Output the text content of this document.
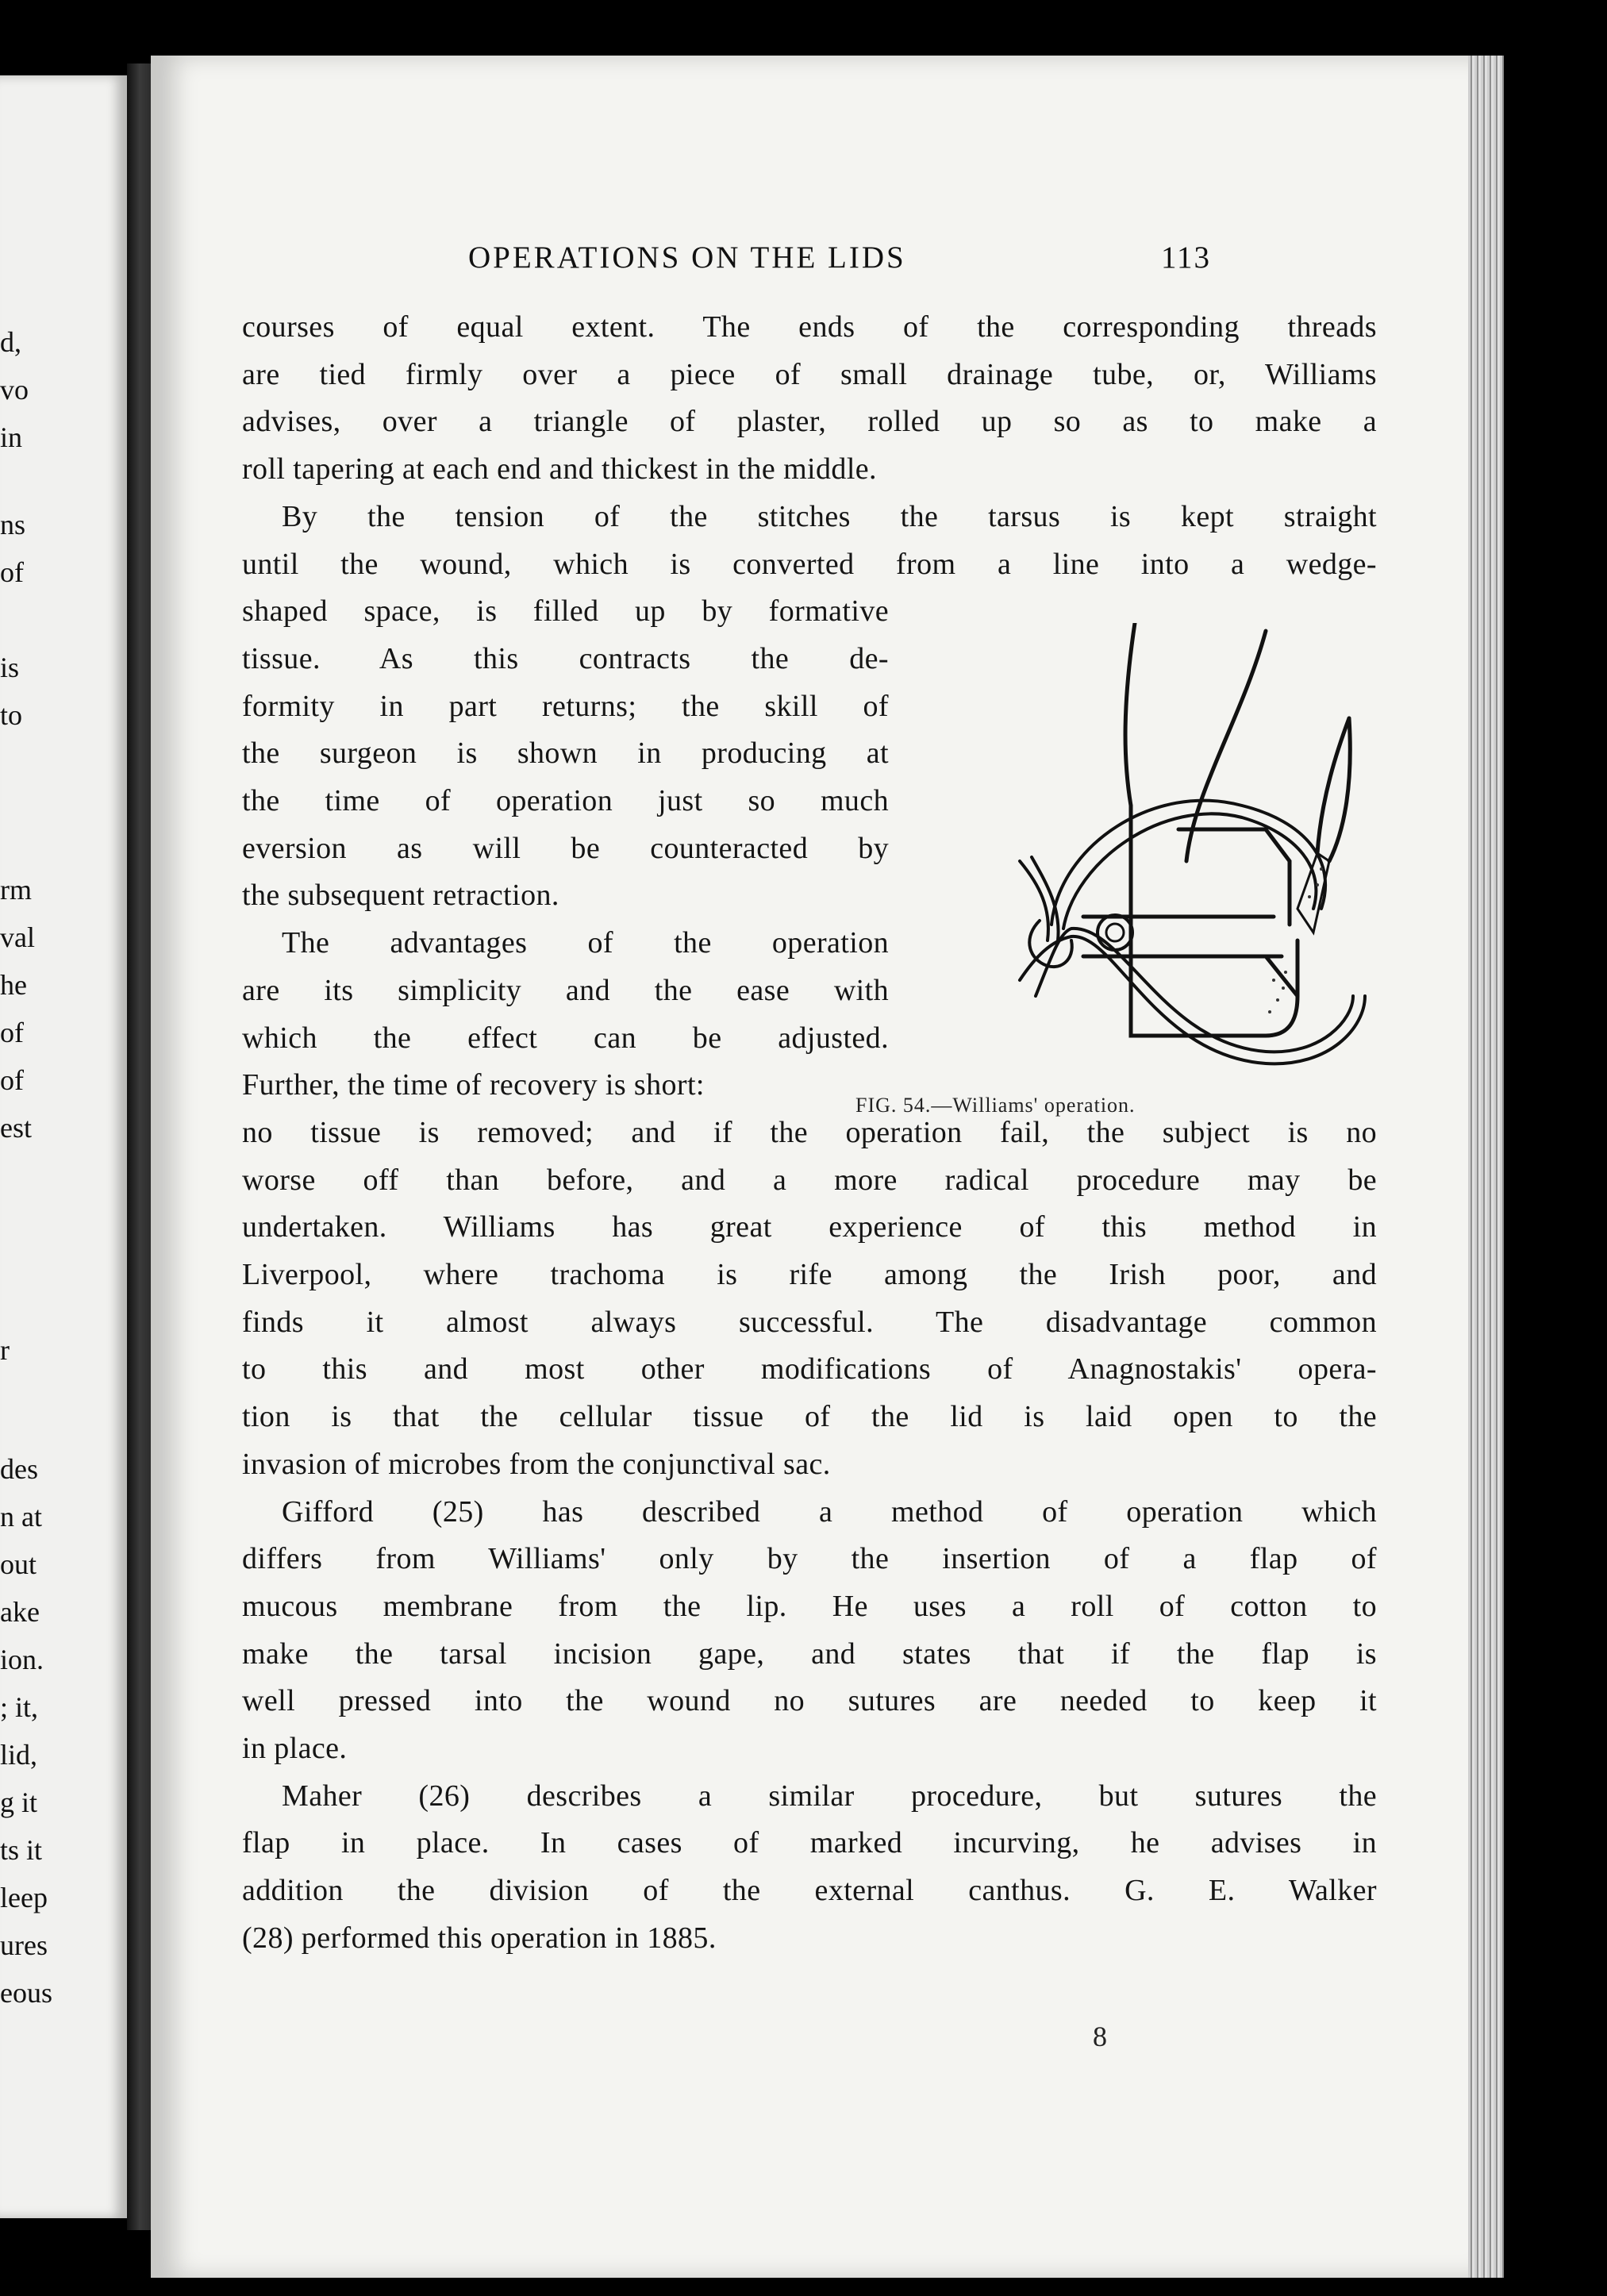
d,
vo
in
ns
of
is
to
rm
val
he
of
of
est
r
des
n at
out
ake
ion.
; it,
lid,
g it
ts it
leep
ures
eous
OPERATIONS ON THE LIDS	113
courses of equal extent. The ends of the corresponding threads
are tied firmly over a piece of small drainage tube, or, Williams
advises, over a triangle of plaster, rolled up so as to make a
roll tapering at each end and thickest in the middle.
By the tension of the stitches the tarsus is kept straight
until the wound, which is converted from a line into a wedge-
shaped space, is filled up by formative
tissue. As this contracts the de-
formity in part returns; the skill of
the surgeon is shown in producing at
the time of operation just so much
eversion as will be counteracted by
the subsequent retraction.
The advantages of the operation
are its simplicity and the ease with
which the effect can be adjusted.
Further, the time of recovery is short:
no tissue is removed; and if the operation fail, the subject is no
worse off than before, and a more radical procedure may be
undertaken. Williams has great experience of this method in
Liverpool, where trachoma is rife among the Irish poor, and
finds it almost always successful. The disadvantage common
to this and most other modifications of Anagnostakis' opera-
tion is that the cellular tissue of the lid is laid open to the
invasion of microbes from the conjunctival sac.
Gifford (25) has described a method of operation which
differs from Williams' only by the insertion of a flap of
mucous membrane from the lip. He uses a roll of cotton to
make the tarsal incision gape, and states that if the flap is
well pressed into the wound no sutures are needed to keep it
in place.
Maher (26) describes a similar procedure, but sutures the
flap in place. In cases of marked incurving, he advises in
addition the division of the external canthus. G. E. Walker
(28) performed this operation in 1885.
FIG. 54.—Williams' operation.
8
